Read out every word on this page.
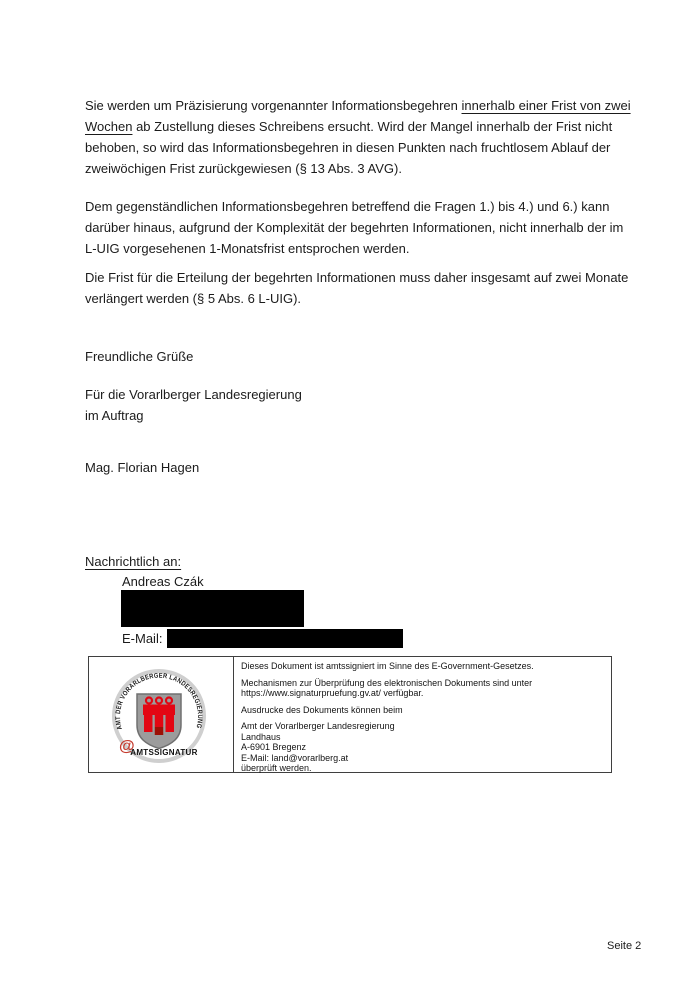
Sie werden um Präzisierung vorgenannter Informationsbegehren innerhalb einer Frist von zwei
Wochen ab Zustellung dieses Schreibens ersucht. Wird der Mangel innerhalb der Frist nicht
behoben, so wird das Informationsbegehren in diesen Punkten nach fruchtlosem Ablauf der
zweiwöchigen Frist zurückgewiesen (§ 13 Abs. 3 AVG).
Dem gegenständlichen Informationsbegehren betreffend die Fragen 1.) bis 4.) und 6.) kann
darüber hinaus, aufgrund der Komplexität der begehrten Informationen, nicht innerhalb der im
L-UIG vorgesehenen 1-Monatsfrist entsprochen werden.
Die Frist für die Erteilung der begehrten Informationen muss daher insgesamt auf zwei Monate
verlängert werden (§ 5 Abs. 6 L-UIG).
Freundliche Grüße
Für die Vorarlberger Landesregierung
im Auftrag
Mag. Florian Hagen
Nachrichtlich an:
Andreas Czák
E-Mail:
AMT DER VORARLBERGER LANDESREGIERUNG
@
AMTSSIGNATUR
Dieses Dokument ist amtssigniert im Sinne des E-Government-Gesetzes.
Mechanismen zur Überprüfung des elektronischen Dokuments sind unter
https://www.signaturpruefung.gv.at/ verfügbar.
Ausdrucke des Dokuments können beim
Amt der Vorarlberger Landesregierung
Landhaus
A-6901 Bregenz
E-Mail: land@vorarlberg.at
überprüft werden.
Seite 2
